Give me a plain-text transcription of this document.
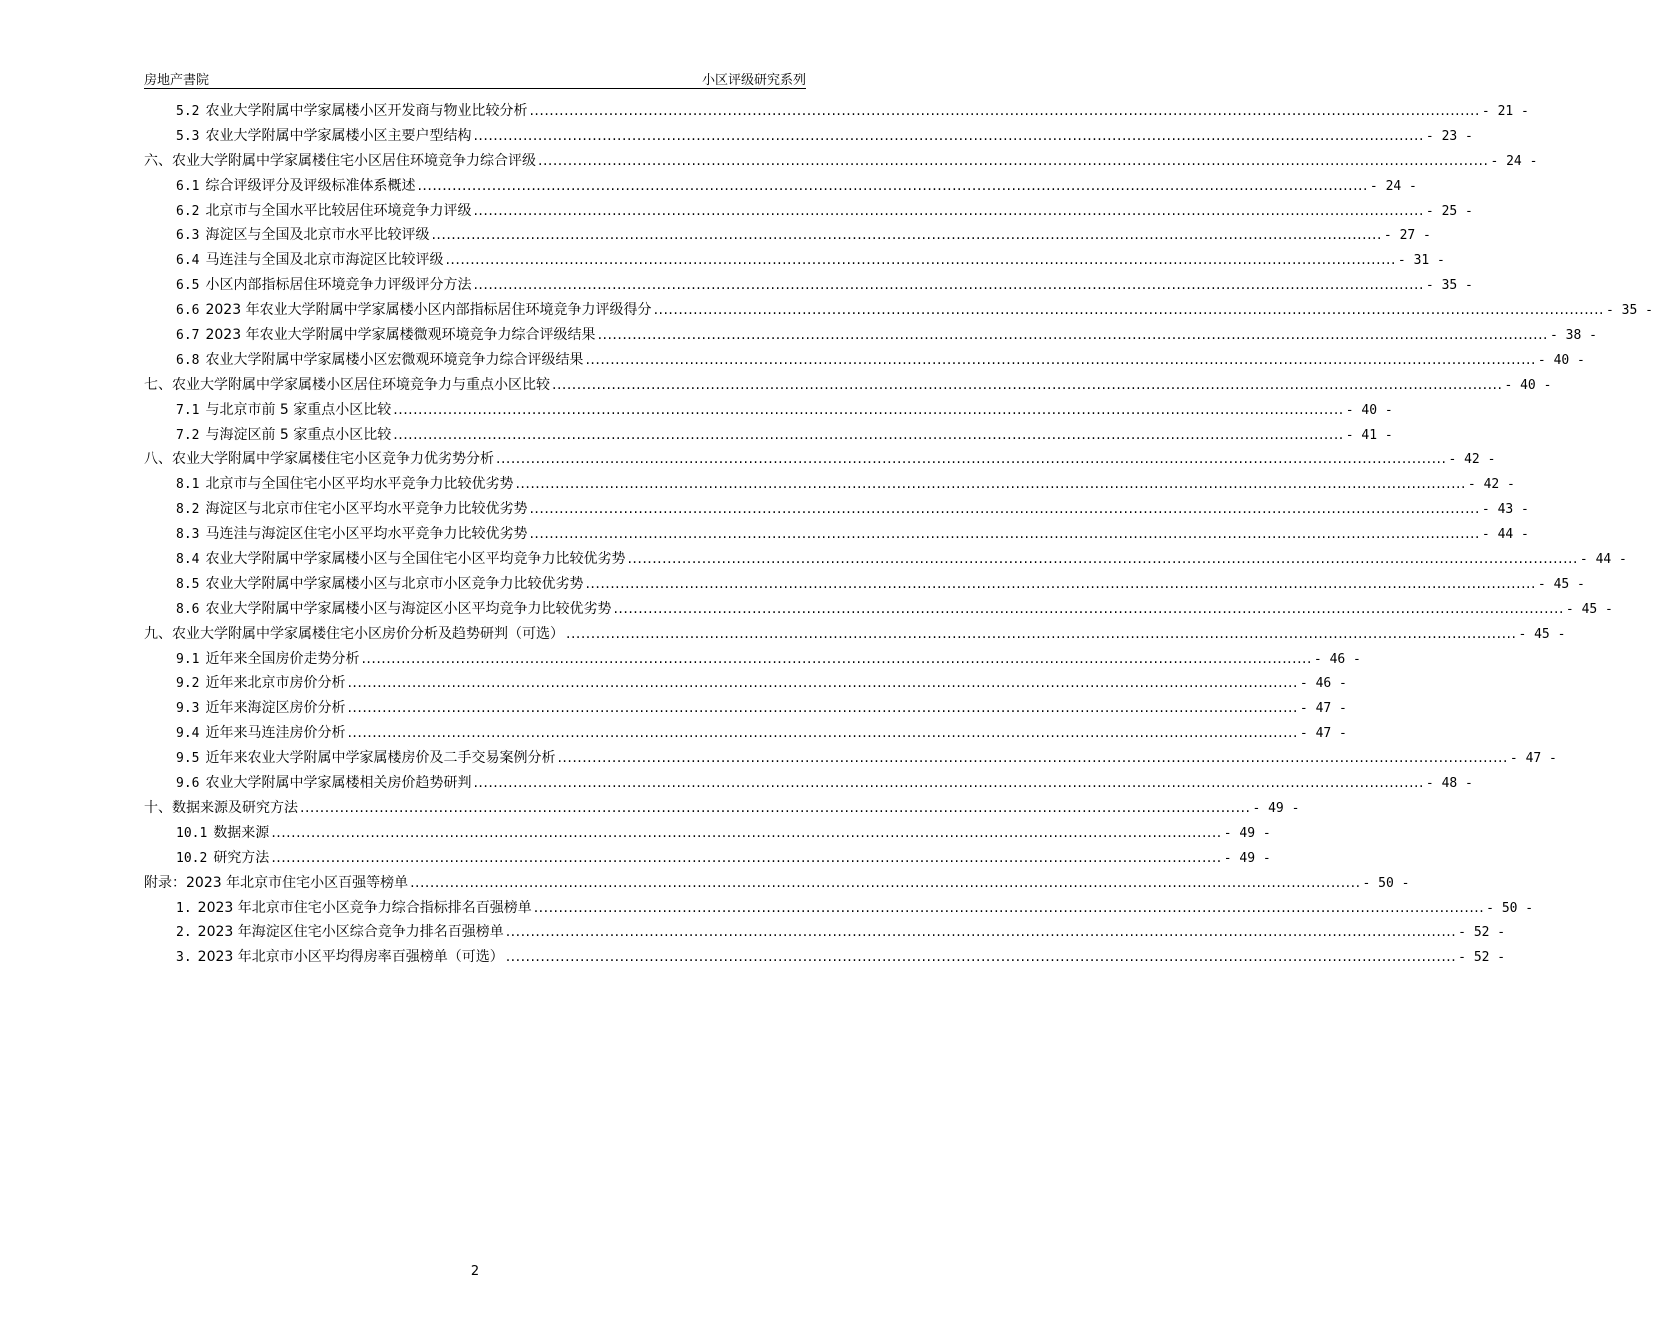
房地产書院	小区评级研究系列
5.2 农业大学附属中学家属楼小区开发商与物业比较分析 .....	- 21 -
5.3 农业大学附属中学家属楼小区主要户型结构 .....	- 23 -
六、农业大学附属中学家属楼住宅小区居住环境竞争力综合评级 .....	- 24 -
6.1 综合评级评分及评级标准体系概述 .....	- 24 -
6.2 北京市与全国水平比较居住环境竞争力评级 .....	- 25 -
6.3 海淀区与全国及北京市水平比较评级 .....	- 27 -
6.4 马连洼与全国及北京市海淀区比较评级 .....	- 31 -
6.5 小区内部指标居住环境竞争力评级评分方法 .....	- 35 -
6.6 2023 年农业大学附属中学家属楼小区内部指标居住环境竞争力评级得分 .....	- 35 -
6.7 2023 年农业大学附属中学家属楼微观环境竞争力综合评级结果 .....	- 38 -
6.8 农业大学附属中学家属楼小区宏微观环境竞争力综合评级结果 .....	- 40 -
七、农业大学附属中学家属楼小区居住环境竞争力与重点小区比较 .....	- 40 -
7.1 与北京市前 5 家重点小区比较 .....	- 40 -
7.2 与海淀区前 5 家重点小区比较 .....	- 41 -
八、农业大学附属中学家属楼住宅小区竞争力优劣势分析 .....	- 42 -
8.1 北京市与全国住宅小区平均水平竞争力比较优劣势 .....	- 42 -
8.2 海淀区与北京市住宅小区平均水平竞争力比较优劣势 .....	- 43 -
8.3 马连洼与海淀区住宅小区平均水平竞争力比较优劣势 .....	- 44 -
8.4 农业大学附属中学家属楼小区与全国住宅小区平均竞争力比较优劣势 .....	- 44 -
8.5 农业大学附属中学家属楼小区与北京市小区竞争力比较优劣势 .....	- 45 -
8.6 农业大学附属中学家属楼小区与海淀区小区平均竞争力比较优劣势 .....	- 45 -
九、农业大学附属中学家属楼住宅小区房价分析及趋势研判（可选） .....	- 45 -
9.1 近年来全国房价走势分析 .....	- 46 -
9.2 近年来北京市房价分析 .....	- 46 -
9.3 近年来海淀区房价分析 .....	- 47 -
9.4 近年来马连洼房价分析 .....	- 47 -
9.5 近年来农业大学附属中学家属楼房价及二手交易案例分析 .....	- 47 -
9.6 农业大学附属中学家属楼相关房价趋势研判 .....	- 48 -
十、数据来源及研究方法 .....	- 49 -
10.1 数据来源 .....	- 49 -
10.2 研究方法 .....	- 49 -
附录：2023 年北京市住宅小区百强等榜单 .....	- 50 -
1. 2023 年北京市住宅小区竞争力综合指标排名百强榜单 .....	- 50 -
2. 2023 年海淀区住宅小区综合竞争力排名百强榜单 .....	- 52 -
3. 2023 年北京市小区平均得房率百强榜单（可选） .....	- 52 -
2
